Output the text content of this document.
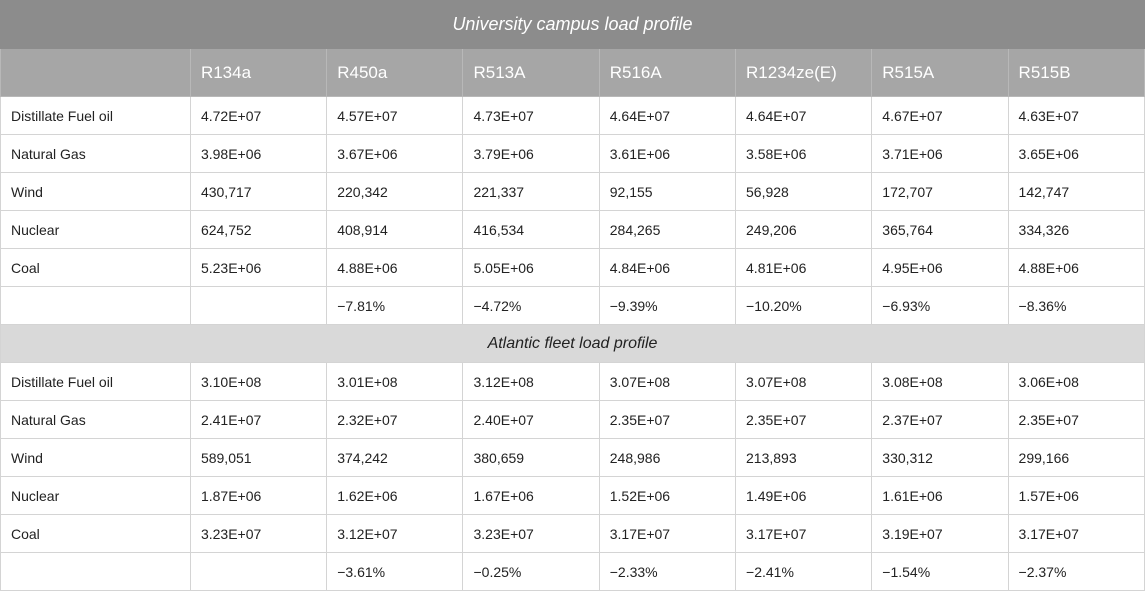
University campus load profile							
	R134a	R450a	R513A	R516A	R1234ze(E)	R515A	R515B
Distillate Fuel oil	4.72E+07	4.57E+07	4.73E+07	4.64E+07	4.64E+07	4.67E+07	4.63E+07
Natural Gas	3.98E+06	3.67E+06	3.79E+06	3.61E+06	3.58E+06	3.71E+06	3.65E+06
Wind	430,717	220,342	221,337	92,155	56,928	172,707	142,747
Nuclear	624,752	408,914	416,534	284,265	249,206	365,764	334,326
Coal	5.23E+06	4.88E+06	5.05E+06	4.84E+06	4.81E+06	4.95E+06	4.88E+06
		−7.81%	−4.72%	−9.39%	−10.20%	−6.93%	−8.36%
Atlantic fleet load profile							
Distillate Fuel oil	3.10E+08	3.01E+08	3.12E+08	3.07E+08	3.07E+08	3.08E+08	3.06E+08
Natural Gas	2.41E+07	2.32E+07	2.40E+07	2.35E+07	2.35E+07	2.37E+07	2.35E+07
Wind	589,051	374,242	380,659	248,986	213,893	330,312	299,166
Nuclear	1.87E+06	1.62E+06	1.67E+06	1.52E+06	1.49E+06	1.61E+06	1.57E+06
Coal	3.23E+07	3.12E+07	3.23E+07	3.17E+07	3.17E+07	3.19E+07	3.17E+07
		−3.61%	−0.25%	−2.33%	−2.41%	−1.54%	−2.37%
